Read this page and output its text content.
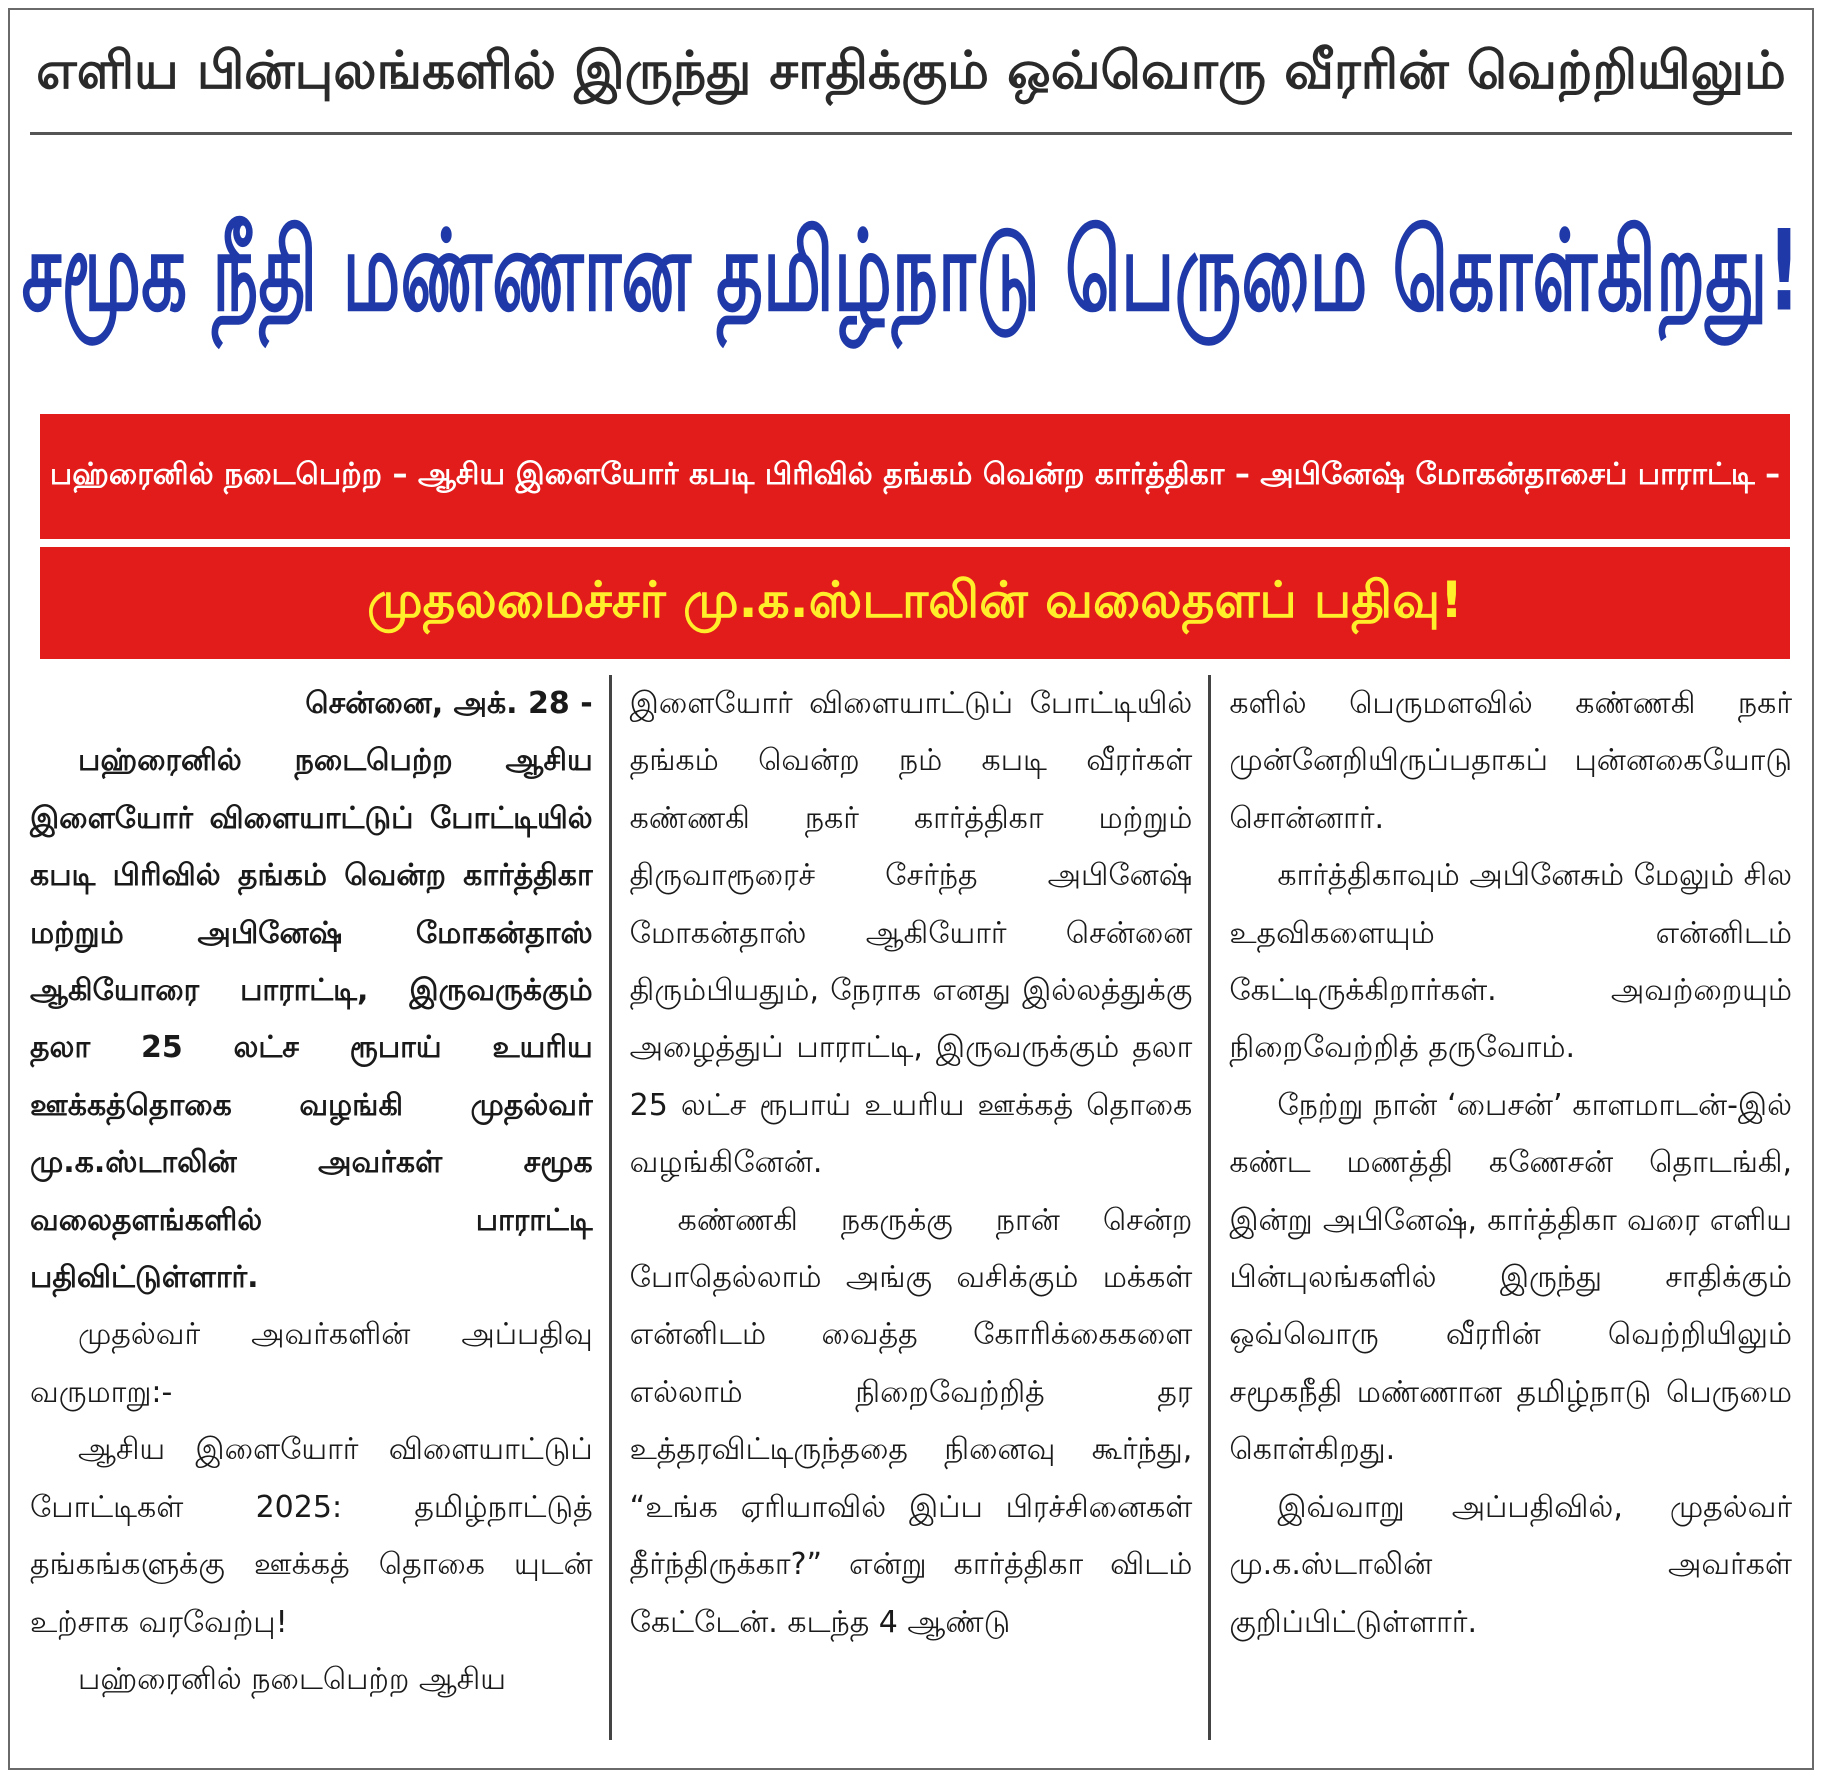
எளிய பின்புலங்களில் இருந்து சாதிக்கும் ஒவ்வொரு வீரரின் வெற்றியிலும்
சமூக நீதி மண்ணான தமிழ்நாடு பெருமை கொள்கிறது!
பஹ்ரைனில் நடைபெற்ற – ஆசிய இளையோர் கபடி பிரிவில் தங்கம் வென்ற கார்த்திகா – அபினேஷ் மோகன்தாசைப் பாராட்டி –
முதலமைச்சர் மு.க.ஸ்டாலின் வலைதளப் பதிவு!

சென்னை, அக். 28 -

பஹ்ரைனில் நடைபெற்ற ஆசிய இளையோர் விளையாட்டுப் போட்டியில் கபடி பிரிவில் தங்கம் வென்ற கார்த்திகா மற்றும் அபினேஷ் மோகன்தாஸ் ஆகியோரை பாராட்டி, இருவருக்கும் தலா 25 லட்ச ரூபாய் உயரிய ஊக்கத்தொகை வழங்கி முதல்வர் மு.க.ஸ்டாலின் அவர்கள் சமூக வலைதளங்களில் பாராட்டி பதிவிட்டுள்ளார்.

முதல்வர் அவர்களின் அப்பதிவு வருமாறு:-

ஆசிய இளையோர் விளையாட்டுப் போட்டிகள் 2025: தமிழ்நாட்டுத் தங்கங்களுக்கு ஊக்கத் தொகை யுடன் உற்சாக வரவேற்பு!

பஹ்ரைனில் நடைபெற்ற ஆசிய

இளையோர் விளையாட்டுப் போட்டியில் தங்கம் வென்ற நம் கபடி வீரர்கள் கண்ணகி நகர் கார்த்திகா மற்றும் திருவாரூரைச் சேர்ந்த அபினேஷ் மோகன்தாஸ் ஆகியோர் சென்னை திரும்பியதும், நேராக எனது இல்லத்துக்கு அழைத்துப் பாராட்டி, இருவருக்கும் தலா 25 லட்ச ரூபாய் உயரிய ஊக்கத் தொகை வழங்கினேன்.

கண்ணகி நகருக்கு நான் சென்ற போதெல்லாம் அங்கு வசிக்கும் மக்கள் என்னிடம் வைத்த கோரிக்கைகளை எல்லாம் நிறைவேற்றித் தர உத்தரவிட்டிருந்ததை நினைவு கூர்ந்து, “உங்க ஏரியாவில் இப்ப பிரச்சினைகள் தீர்ந்திருக்கா?” என்று கார்த்திகா விடம் கேட்டேன். கடந்த 4 ஆண்டு

களில் பெருமளவில் கண்ணகி நகர் முன்னேறியிருப்பதாகப் புன்னகையோடு சொன்னார்.

கார்த்திகாவும் அபினேசும் மேலும் சில உதவிகளையும் என்னிடம் கேட்டிருக்கிறார்கள். அவற்றையும் நிறைவேற்றித் தருவோம்.

நேற்று நான் ‘பைசன்’ காளமாடன்-இல் கண்ட மணத்தி கணேசன் தொடங்கி, இன்று அபினேஷ், கார்த்திகா வரை எளிய பின்புலங்களில் இருந்து சாதிக்கும் ஒவ்வொரு வீரரின் வெற்றியிலும் சமூகநீதி மண்ணான தமிழ்நாடு பெருமை கொள்கிறது.

இவ்வாறு அப்பதிவில், முதல்வர் மு.க.ஸ்டாலின் அவர்கள் குறிப்பிட்டுள்ளார்.
